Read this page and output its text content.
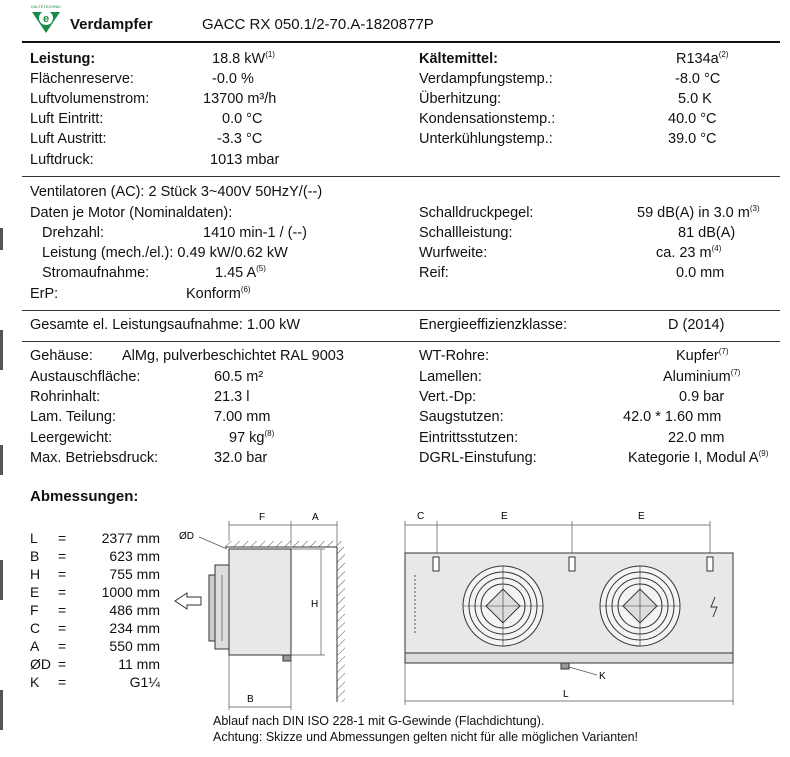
e
KÄLTETECHNIK
Verdampfer	GACC RX 050.1/2-70.A-1820877P
Leistung:	18.8 $kW^{(1)}$
Flächenreserve:	-0.0 %
Luftvolumenstrom:	13700 m³/h
Luft Eintritt:	0.0 °C
Luft Austritt:	-3.3 °C
Luftdruck:	1013 mbar
Kältemittel:	$R134a^{(2)}$
Verdampfungstemp.:	-8.0 °C
Überhitzung:	5.0 K
Kondensationstemp.:	40.0 °C
Unterkühlungstemp.:	39.0 °C
Ventilatoren (AC): 2 Stück 3~400V 50HzY/(--)
Daten je Motor (Nominaldaten):
Drehzahl:	1410 min-1 / (--)
Leistung (mech./el.): 0.49 kW/0.62 kW
Stromaufnahme:	1.45 $A^{(5)}$
ErP:	Konform$^{(6)}$
Schalldruckpegel:	59 dB(A) in 3.0 $m^{(3)}$
Schallleistung:	81 dB(A)
Wurfweite:	ca. 23 $m^{(4)}$
Reif:	0.0 mm
Gesamte el. Leistungsaufnahme: 1.00 kW	Energieeffizienzklasse:	D (2014)
Gehäuse: AlMg, pulverbeschichtet RAL 9003
Austauschfläche:	60.5 m²
Rohrinhalt:	21.3 l
Lam. Teilung:	7.00 mm
Leergewicht:	97 $kg^{(8)}$
Max. Betriebsdruck:	32.0 bar
WT-Rohre:	Kupfer$^{(7)}$
Lamellen:	Aluminium$^{(7)}$
Vert.-Dp:	0.9 bar
Saugstutzen:	42.0 * 1.60 mm
Eintrittsstutzen:	22.0 mm
DGRL-Einstufung:	Kategorie I, Modul $A^{(9)}$
Abmessungen:
L =	2377 mm
B =	623 mm
H =	755 mm
E =	1000 mm
F =	486 mm
C =	234 mm
A =	550 mm
ØD =	11 mm
K =	G1¼
F	A
ØD
H
B
C	E	E
K
L
Ablauf nach DIN ISO 228-1 mit G-Gewinde (Flachdichtung).
Achtung: Skizze und Abmessungen gelten nicht für alle möglichen Varianten!
